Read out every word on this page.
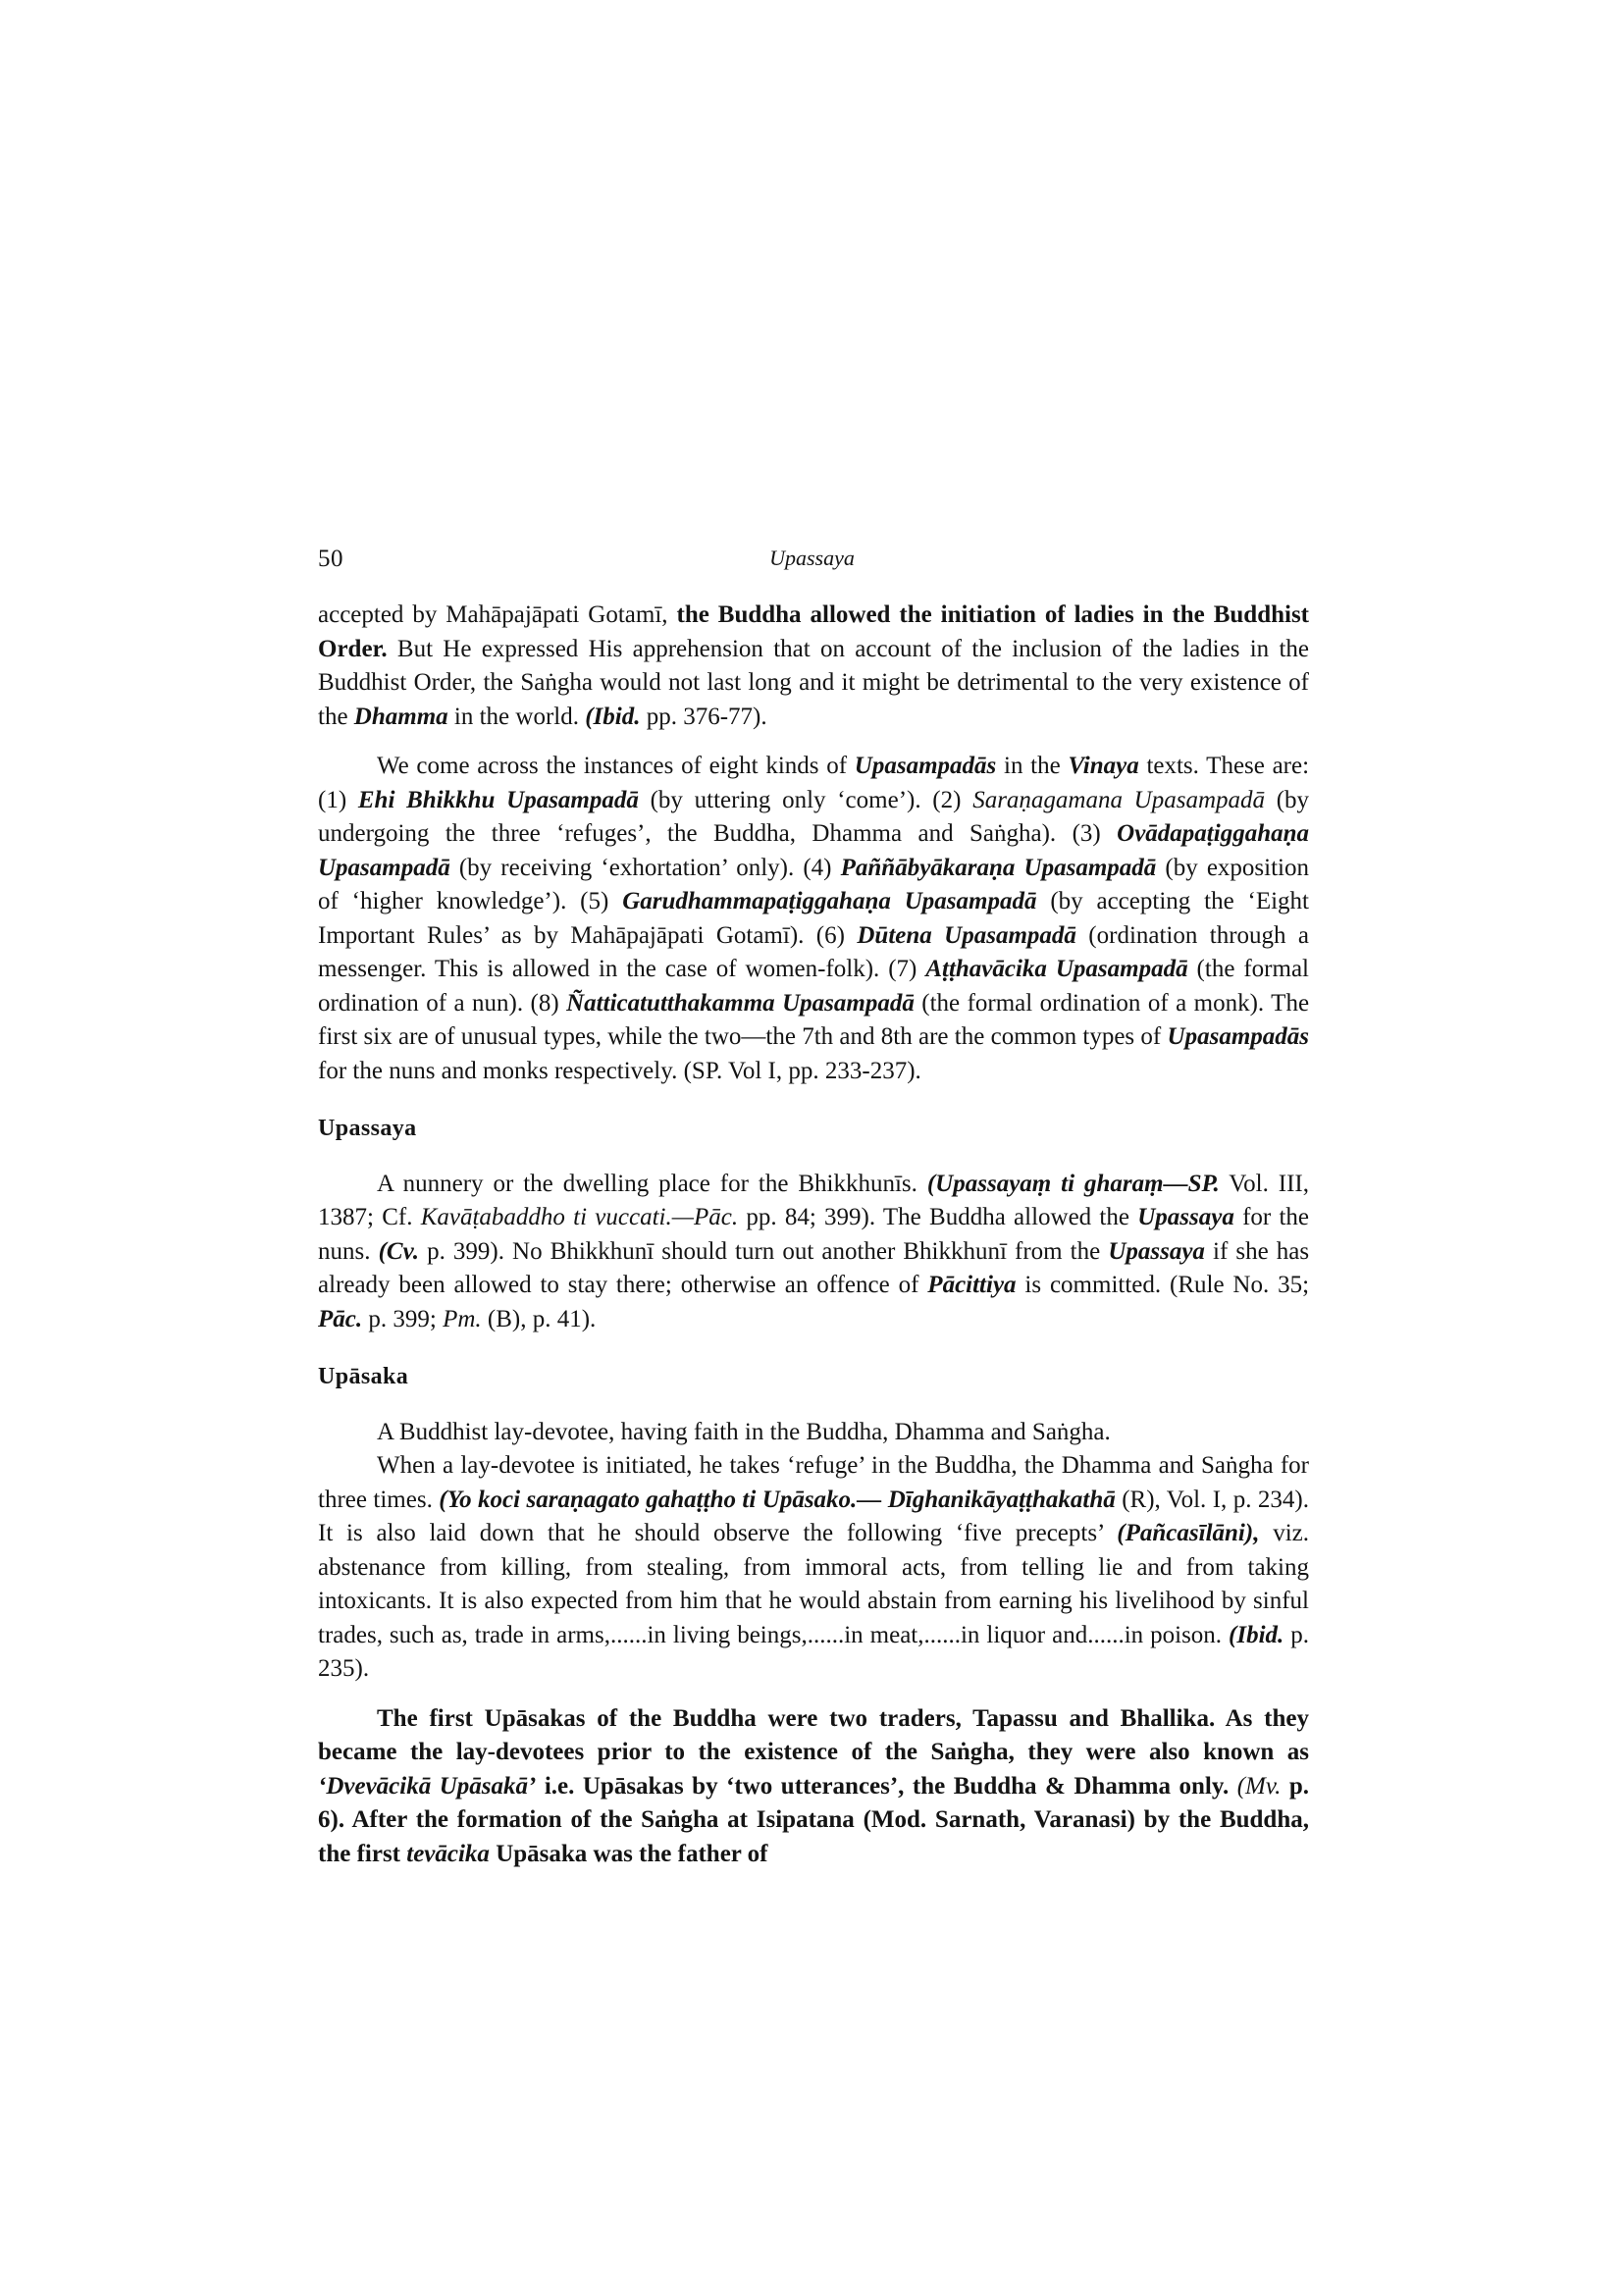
50	Upassaya

accepted by Mahāpajāpati Gotamī, the Buddha allowed the initiation of ladies in the Buddhist Order. But He expressed His apprehension that on account of the inclusion of the ladies in the Buddhist Order, the Saṅgha would not last long and it might be detrimental to the very existence of the Dhamma in the world. (Ibid. pp. 376-77).

We come across the instances of eight kinds of Upasampadās in the Vinaya texts. These are: (1) Ehi Bhikkhu Upasampadā (by uttering only ‘come’). (2) Saraṇagamana Upasampadā (by undergoing the three ‘refuges’, the Buddha, Dhamma and Saṅgha). (3) Ovādapaṭiggahaṇa Upasampadā (by receiving ‘exhortation’ only). (4) Paññābyākaraṇa Upasampadā (by exposition of ‘higher knowledge’). (5) Garudhammapaṭiggahaṇa Upasampadā (by accepting the ‘Eight Important Rules’ as by Mahāpajāpati Gotamī). (6) Dūtena Upasampadā (ordination through a messenger. This is allowed in the case of women-folk). (7) Aṭṭhavācika Upasampadā (the formal ordination of a nun). (8) Ñatticatutthakamma Upasampadā (the formal ordination of a monk). The first six are of unusual types, while the two—the 7th and 8th are the common types of Upasampadās for the nuns and monks respectively. (SP. Vol I, pp. 233-237).

Upassaya

A nunnery or the dwelling place for the Bhikkhunīs. (Upassayaṃ ti gharaṃ—SP. Vol. III, 1387; Cf. Kavāṭabaddho ti vuccati.—Pāc. pp. 84; 399). The Buddha allowed the Upassaya for the nuns. (Cv. p. 399). No Bhikkhunī should turn out another Bhikkhunī from the Upassaya if she has already been allowed to stay there; otherwise an offence of Pācittiya is committed. (Rule No. 35; Pāc. p. 399; Pm. (B), p. 41).

Upāsaka

A Buddhist lay-devotee, having faith in the Buddha, Dhamma and Saṅgha.

When a lay-devotee is initiated, he takes ‘refuge’ in the Buddha, the Dhamma and Saṅgha for three times. (Yo koci saraṇagato gahaṭṭho ti Upāsako.— Dīghanikāyaṭṭhakathā (R), Vol. I, p. 234). It is also laid down that he should observe the following ‘five precepts’ (Pañcasīlāni), viz. abstenance from killing, from stealing, from immoral acts, from telling lie and from taking intoxicants. It is also expected from him that he would abstain from earning his livelihood by sinful trades, such as, trade in arms,......in living beings,......in meat,......in liquor and......in poison. (Ibid. p. 235).

The first Upāsakas of the Buddha were two traders, Tapassu and Bhallika. As they became the lay-devotees prior to the existence of the Saṅgha, they were also known as ‘Dvevācikā Upāsakā’ i.e. Upāsakas by ‘two utterances’, the Buddha & Dhamma only. (Mv. p. 6). After the formation of the Saṅgha at Isipatana (Mod. Sarnath, Varanasi) by the Buddha, the first tevācika Upāsaka was the father of
